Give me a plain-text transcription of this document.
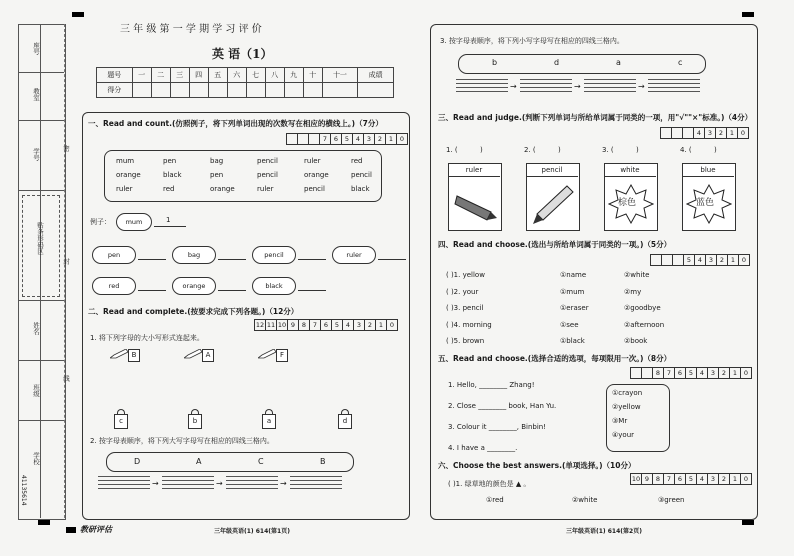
座号
教室
学号
贴条形码区
姓名
班级
学校
密
封
线
41135614
三 年 级 第 一 学 期 学 习 评 价
英 语（1）
题号	一	二	三	四	五	六	七	八	九	十	十一	成绩
得分												
一、Read and count.(仿照例子，将下列单词出现的次数写在相应的横线上。)（7分）
7	6	5	4	3	2	1	0
例子：	mum	1
二、Read and complete.(按要求完成下列各题。)（12分）
12 11 10 9	8	7	6	5	4	3	2	1	0
1. 将下列字母的大小写形式连起来。
2. 按字母表顺序，将下列大写字母写在相应的四线三格内。
3. 按字母表顺序，将下列小写字母写在相应的四线三格内。
三、Read and judge.(判断下列单词与所给单词属于同类的一项，用"√""×"标准。)（4分）
4	3	2	1	0
四、Read and choose.(选出与所给单词属于同类的一项。)（5分）
5	4	3	2	1	0
五、Read and choose.(选择合适的选项，每项限用一次。)（8分）
8	7	6	5	4	3	2	1	0
六、Choose the best answers.(单项选择。)（10分）
10 9	8	7	6	5	4	3	2	1	0
( )1. 绿草地的颜色是 ▲ 。
教研评估	三年级英语(1) 614(第1页)	三年级英语(1) 614(第2页)
mum	pen	bag	pencil	ruler	red
orange	black	pen	pencil	orange	pencil
ruler	red	orange	ruler	pencil	black
pen	bag	pencil	ruler
red	orange	black
B	A	F
c	b	a	d
D	A	C	B
→	→	→
b	d	a	c
→	→	→
1. (	)
ruler
2. (	)
pencil
3. (	)
white
棕色
4. (	)
blue
蓝色
( )1. yellow	①name	②white
( )2. your	①mum	②my
( )3. pencil	①eraser	②goodbye
( )4. morning	①see	②afternoon
( )5. brown	①black	②book
1. Hello, ________ Zhang!
2. Close ________ book, Han Yu.
3. Colour it ________, Binbin!
4. I have a ________.
①crayon
②yellow
③Mr
④your
①red	②white	③green
